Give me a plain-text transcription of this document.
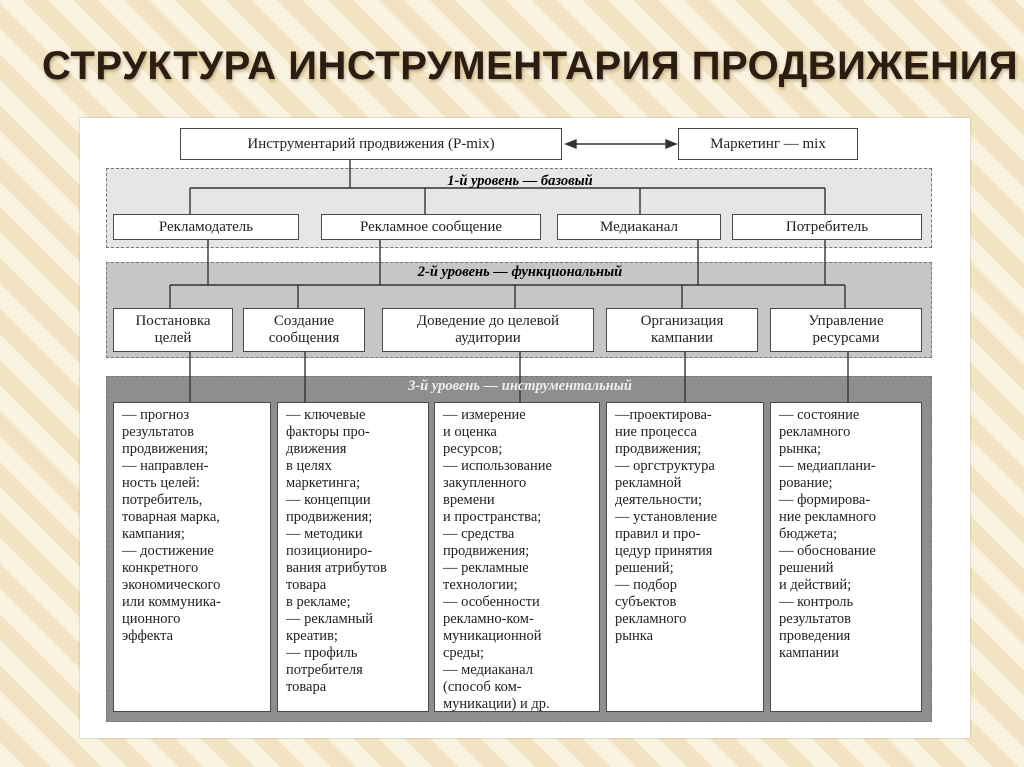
СТРУКТУРА ИНСТРУМЕНТАРИЯ ПРОДВИЖЕНИЯ
Инструментарий продвижения (P-mix)	Маркетинг — mix
1-й уровень — базовый
2-й уровень — функциональный
3-й уровень — инструментальный
Рекламодатель	Рекламное сообщение	Медиаканал	Потребитель
Постановка
целей
Создание
сообщения
Доведение до целевой
аудитории
Организация
кампании
Управление
ресурсами
— прогноз
результатов
продвижения;
— направлен-
ность целей:
потребитель,
товарная марка,
кампания;
— достижение
конкретного
экономического
или коммуника-
ционного
эффекта
— ключевые
факторы про-
движения
в целях
маркетинга;
— концепции
продвижения;
— методики
позициониро-
вания атрибутов
товара
в рекламе;
— рекламный
креатив;
— профиль
потребителя
товара
— измерение
и оценка
ресурсов;
— использование
закупленного
времени
и пространства;
— средства
продвижения;
— рекламные
технологии;
— особенности
рекламно-ком-
муникационной
среды;
— медиаканал
(способ ком-
муникации) и др.
—проектирова-
ние процесса
продвижения;
— оргструктура
рекламной
деятельности;
— установление
правил и про-
цедур принятия
решений;
— подбор
субъектов
рекламного
рынка
— состояние
рекламного
рынка;
— медиаплани-
рование;
— формирова-
ние рекламного
бюджета;
— обоснование
решений
и действий;
— контроль
результатов
проведения
кампании
